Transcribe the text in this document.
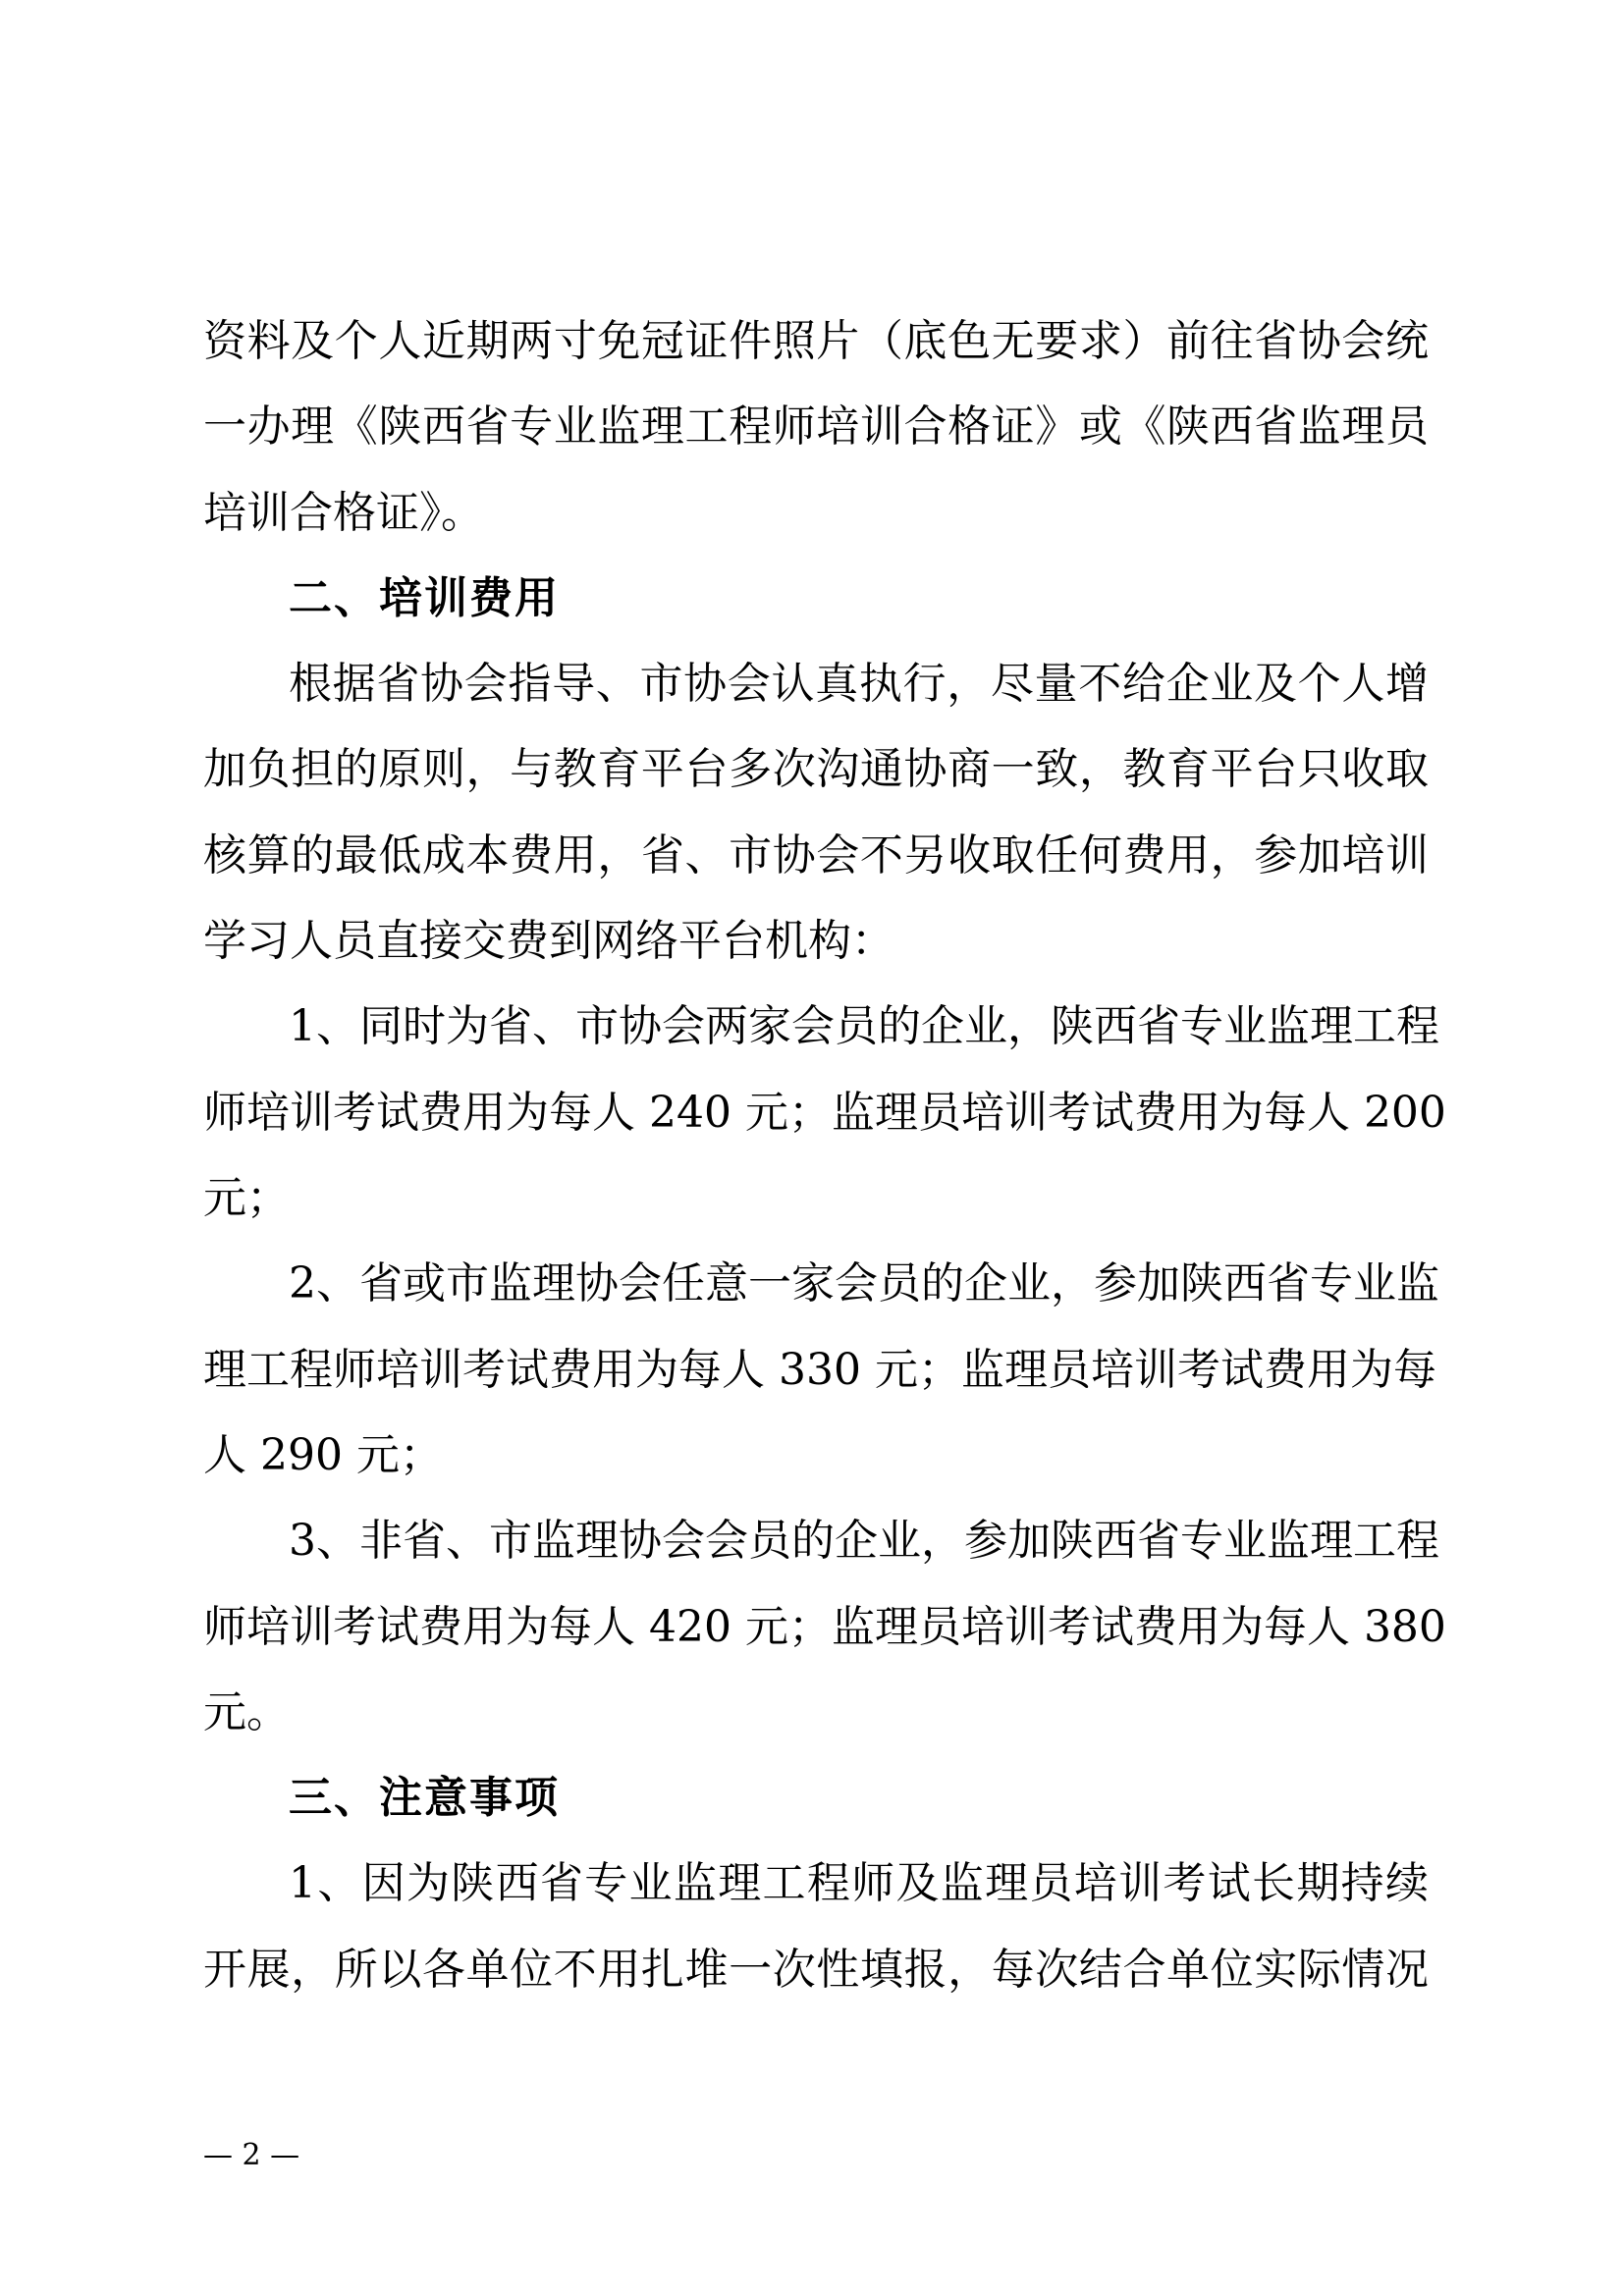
资料及个人近期两寸免冠证件照片（底色无要求）前往省协会统
一办理《陕西省专业监理工程师培训合格证》或《陕西省监理员
培训合格证》。
二、培训费用
根据省协会指导、市协会认真执行，尽量不给企业及个人增
加负担的原则，与教育平台多次沟通协商一致，教育平台只收取
核算的最低成本费用，省、市协会不另收取任何费用，参加培训
学习人员直接交费到网络平台机构：
1、同时为省、市协会两家会员的企业，陕西省专业监理工程
师培训考试费用为每人 240 元；监理员培训考试费用为每人 200
元；
2、省或市监理协会任意一家会员的企业，参加陕西省专业监
理工程师培训考试费用为每人 330 元；监理员培训考试费用为每
人 290 元；
3、非省、市监理协会会员的企业，参加陕西省专业监理工程
师培训考试费用为每人 420 元；监理员培训考试费用为每人 380
元。
三、注意事项
1、因为陕西省专业监理工程师及监理员培训考试长期持续
开展，所以各单位不用扎堆一次性填报，每次结合单位实际情况
— 2 —
